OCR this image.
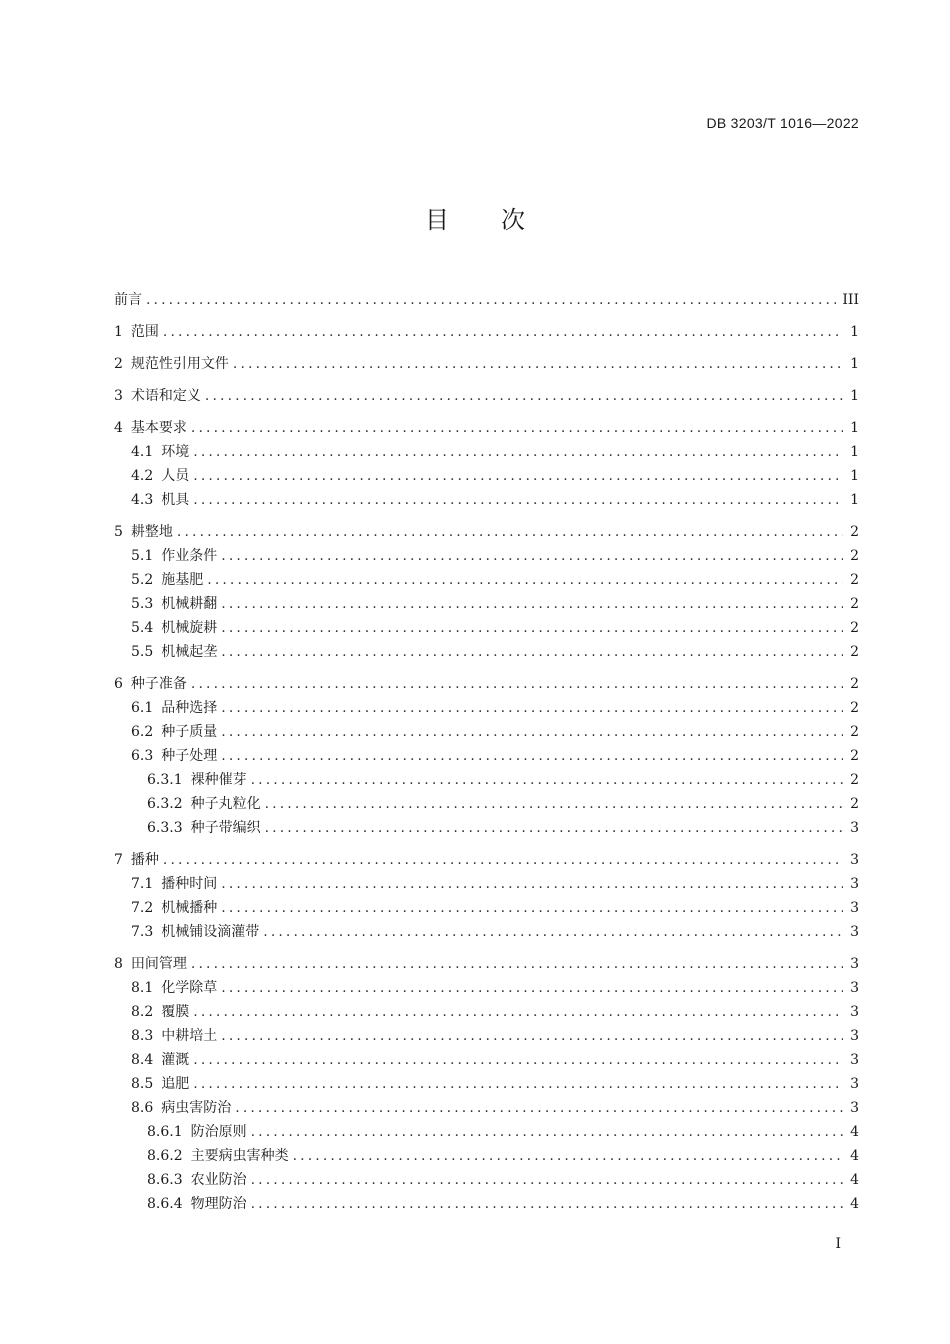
DB 3203/T 1016—2022
目 次
前言 .....	III
1 范围 .....	1
2 规范性引用文件 .....	1
3 术语和定义 .....	1
4 基本要求 .....	1
4.1 环境 .....	1
4.2 人员 .....	1
4.3 机具 .....	1
5 耕整地 .....	2
5.1 作业条件 .....	2
5.2 施基肥 .....	2
5.3 机械耕翻 .....	2
5.4 机械旋耕 .....	2
5.5 机械起垄 .....	2
6 种子准备 .....	2
6.1 品种选择 .....	2
6.2 种子质量 .....	2
6.3 种子处理 .....	2
6.3.1 裸种催芽 .....	2
6.3.2 种子丸粒化 .....	2
6.3.3 种子带编织 .....	3
7 播种 .....	3
7.1 播种时间 .....	3
7.2 机械播种 .....	3
7.3 机械铺设滴灌带 .....	3
8 田间管理 .....	3
8.1 化学除草 .....	3
8.2 覆膜 .....	3
8.3 中耕培土 .....	3
8.4 灌溉 .....	3
8.5 追肥 .....	3
8.6 病虫害防治 .....	3
8.6.1 防治原则 .....	4
8.6.2 主要病虫害种类 .....	4
8.6.3 农业防治 .....	4
8.6.4 物理防治 .....	4
I
